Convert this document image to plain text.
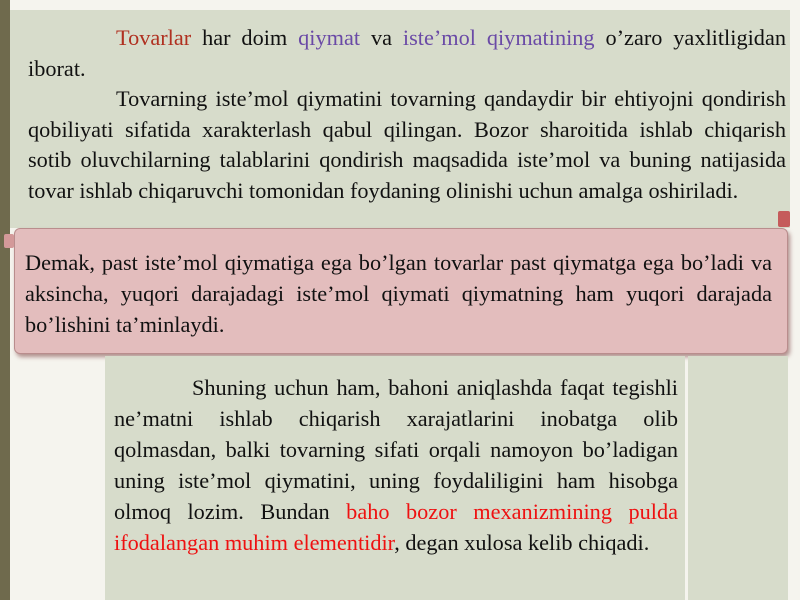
Tovarlar har doim qiymat va iste’mol qiymatining o’zaro yaxlitligidan iborat.

Tovarning iste’mol qiymatini tovarning qandaydir bir ehtiyojni qondirish qobiliyati sifatida xarakterlash qabul qilingan. Bozor sharoitida ishlab chiqarish sotib oluvchilarning talablarini qondirish maqsadida iste’mol va buning natijasida tovar ishlab chiqaruvchi tomonidan foydaning olinishi uchun amalga oshiriladi.

Demak, past iste’mol qiymatiga ega bo’lgan tovarlar past qiymatga ega bo’ladi va aksincha, yuqori darajadagi iste’mol qiymati qiymatning ham yuqori darajada bo’lishini ta’minlaydi.

Shuning uchun ham, bahoni aniqlashda faqat tegishli ne’matni ishlab chiqarish xarajatlarini inobatga olib qolmasdan, balki tovarning sifati orqali namoyon bo’ladigan uning iste’mol qiymatini, uning foydaliligini ham hisobga olmoq lozim. Bundan baho bozor mexanizmining pulda ifodalangan muhim elementidir, degan xulosa kelib chiqadi.
